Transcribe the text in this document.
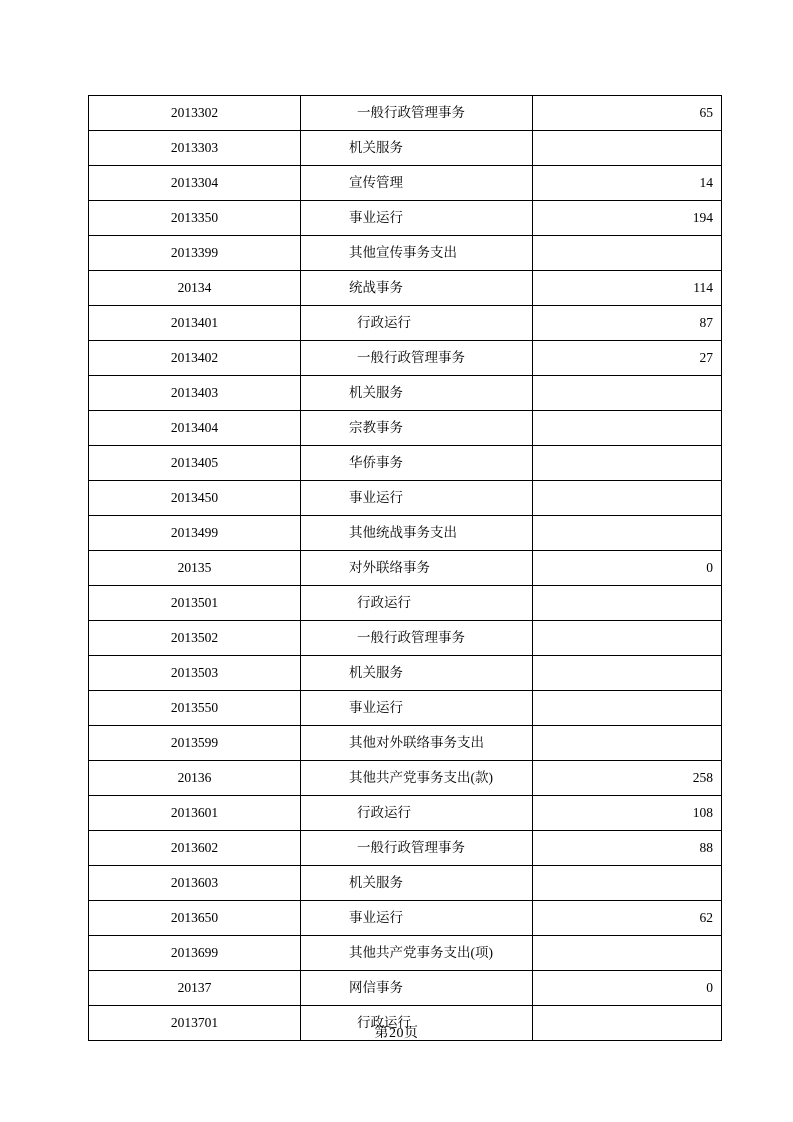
2013302	一般行政管理事务	65
2013303	机关服务	

2013304	宣传管理	14
2013350	事业运行	194
2013399	其他宣传事务支出	

20134	统战事务	114
2013401	行政运行	87
2013402	一般行政管理事务	27
2013403	机关服务	

2013404	宗教事务	

2013405	华侨事务	

2013450	事业运行	

2013499	其他统战事务支出	

20135	对外联络事务	0
2013501	行政运行	

2013502	一般行政管理事务	

2013503	机关服务	

2013550	事业运行	

2013599	其他对外联络事务支出	

20136	其他共产党事务支出(款)	258
2013601	行政运行	108
2013602	一般行政管理事务	88
2013603	机关服务	

2013650	事业运行	62
2013699	其他共产党事务支出(项)	

20137	网信事务	0
2013701	行政运行	

第20页
